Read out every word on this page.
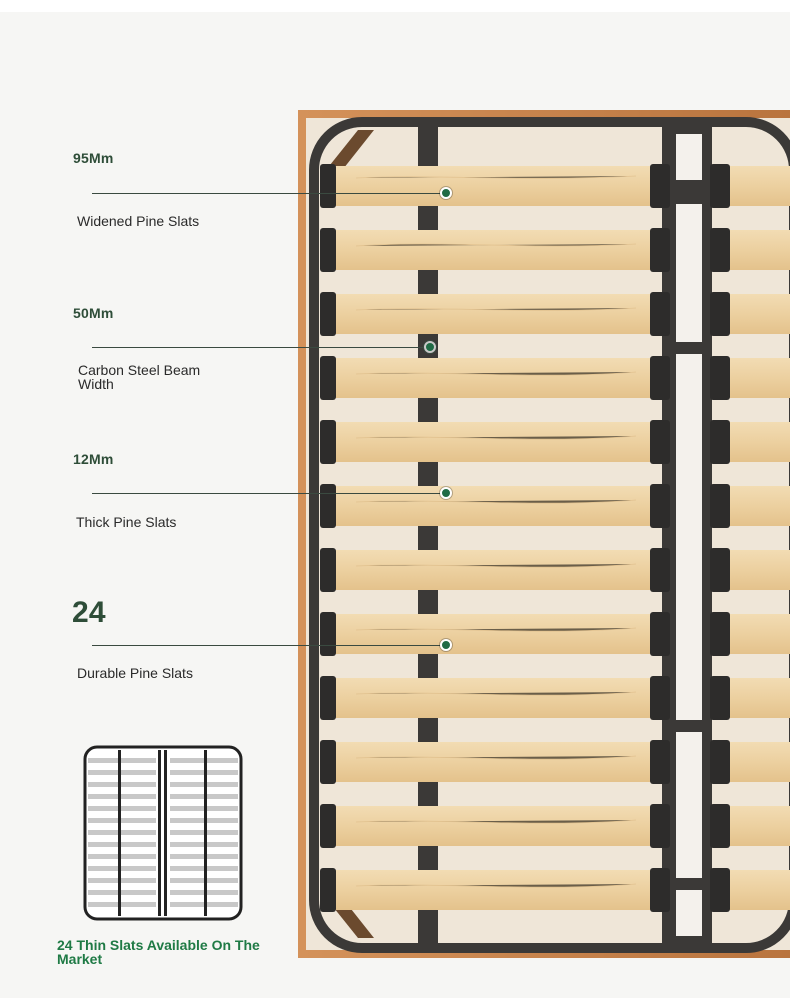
95Mm

Widened Pine Slats

50Mm

Carbon Steel Beam Width

12Mm

Thick Pine Slats

24

Durable Pine Slats

24 Thin Slats Available On The Market
